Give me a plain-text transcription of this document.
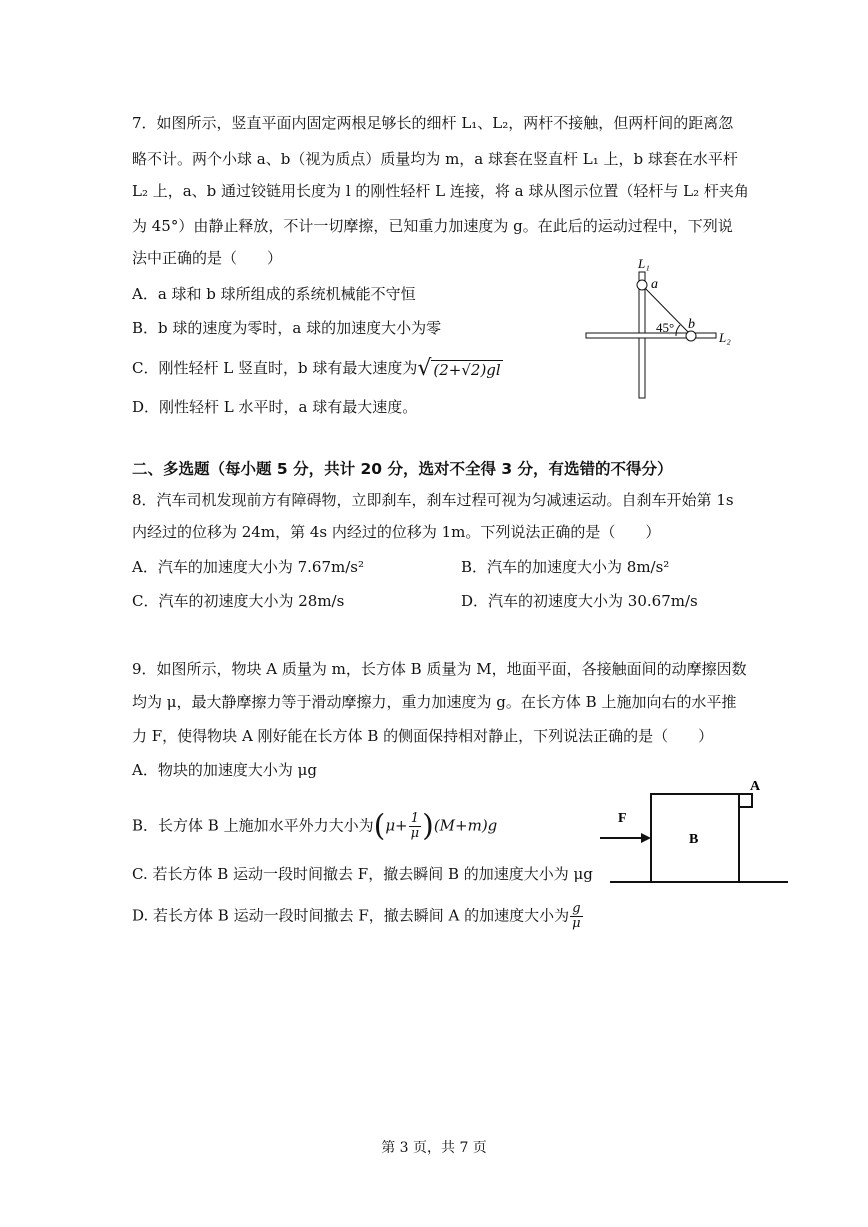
7．如图所示，竖直平面内固定两根足够长的细杆 L₁、L₂，两杆不接触，但两杆间的距离忽
略不计。两个小球 a、b（视为质点）质量均为 m，a 球套在竖直杆 L₁ 上，b 球套在水平杆
L₂ 上，a、b 通过铰链用长度为 l 的刚性轻杆 L 连接，将 a 球从图示位置（轻杆与 L₂ 杆夹角
为 45°）由静止释放，不计一切摩擦，已知重力加速度为 g。在此后的运动过程中，下列说
法中正确的是（　　）
A．a 球和 b 球所组成的系统机械能不守恒
B．b 球的速度为零时，a 球的加速度大小为零
C．刚性轻杆 L 竖直时，b 球有最大速度为√ (2+√2)gl
D．刚性轻杆 L 水平时，a 球有最大速度。
L₁
a
45° b
L₂
二、多选题（每小题 5 分，共计 20 分，选对不全得 3 分，有选错的不得分）
8．汽车司机发现前方有障碍物，立即刹车，刹车过程可视为匀减速运动。自刹车开始第 1s
内经过的位移为 24m，第 4s 内经过的位移为 1m。下列说法正确的是（　　）
A．汽车的加速度大小为 7.67m/s²	B．汽车的加速度大小为 8m/s²
C．汽车的初速度大小为 28m/s	D．汽车的初速度大小为 30.67m/s
9．如图所示，物块 A 质量为 m，长方体 B 质量为 M，地面平面，各接触面间的动摩擦因数
均为 μ，最大静摩擦力等于滑动摩擦力，重力加速度为 g。在长方体 B 上施加向右的水平推
力 F，使得物块 A 刚好能在长方体 B 的侧面保持相对静止，下列说法正确的是（　　）
A．物块的加速度大小为 μg
B．长方体 B 上施加水平外力大小为$(\mu+ \frac{1}{\mu} )(M+m)g$
C. 若长方体 B 运动一段时间撤去 F，撤去瞬间 B 的加速度大小为 μg
D. 若长方体 B 运动一段时间撤去 F，撤去瞬间 A 的加速度大小为 $\frac{g}{\mu}$
A
B
F
第 3 页，共 7 页
